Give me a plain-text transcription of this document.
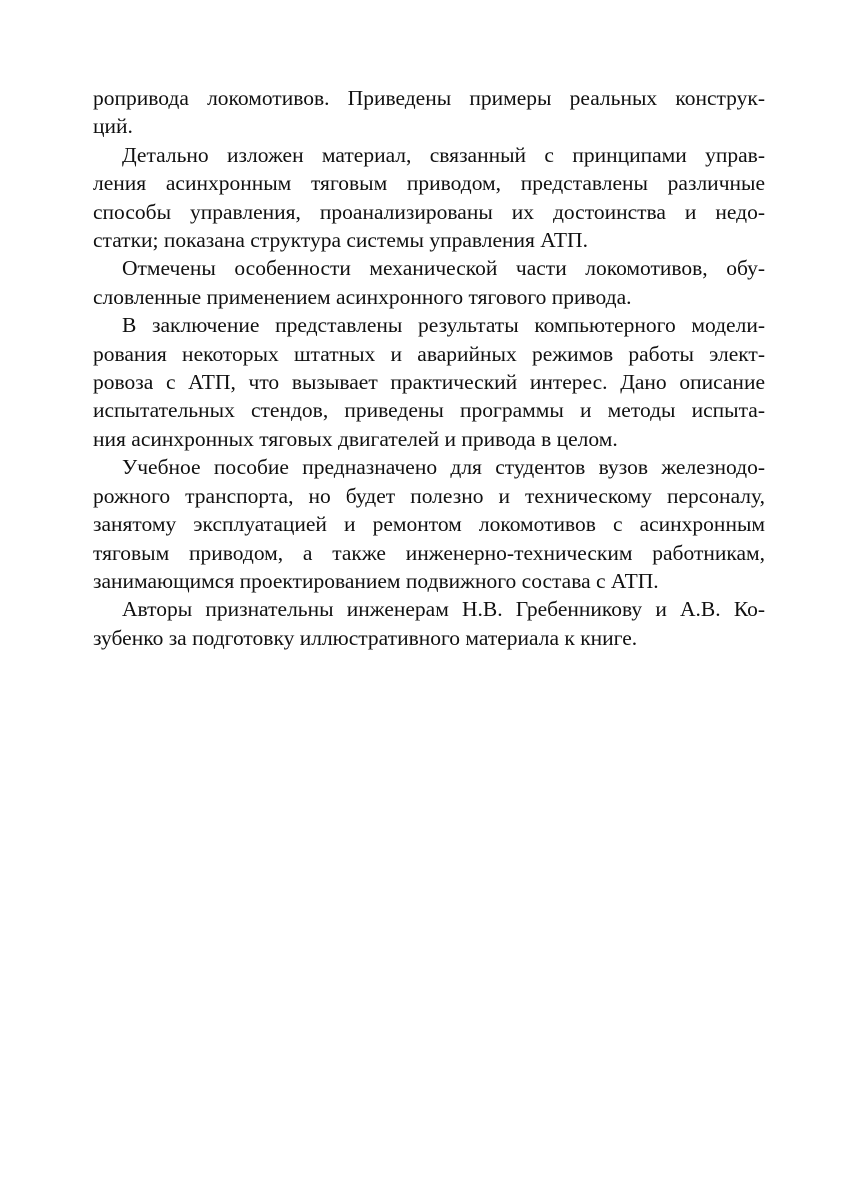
ропривода локомотивов. Приведены примеры реальных конструк-
ций.
Детально изложен материал, связанный с принципами управ-
ления асинхронным тяговым приводом, представлены различные
способы управления, проанализированы их достоинства и недо-
статки; показана структура системы управления АТП.
Отмечены особенности механической части локомотивов, обу-
словленные применением асинхронного тягового привода.
В заключение представлены результаты компьютерного модели-
рования некоторых штатных и аварийных режимов работы элект-
ровоза с АТП, что вызывает практический интерес. Дано описание
испытательных стендов, приведены программы и методы испыта-
ния асинхронных тяговых двигателей и привода в целом.
Учебное пособие предназначено для студентов вузов железнодо-
рожного транспорта, но будет полезно и техническому персоналу,
занятому эксплуатацией и ремонтом локомотивов с асинхронным
тяговым приводом, а также инженерно-техническим работникам,
занимающимся проектированием подвижного состава с АТП.
Авторы признательны инженерам Н.В. Гребенникову и А.В. Ко-
зубенко за подготовку иллюстративного материала к книге.
